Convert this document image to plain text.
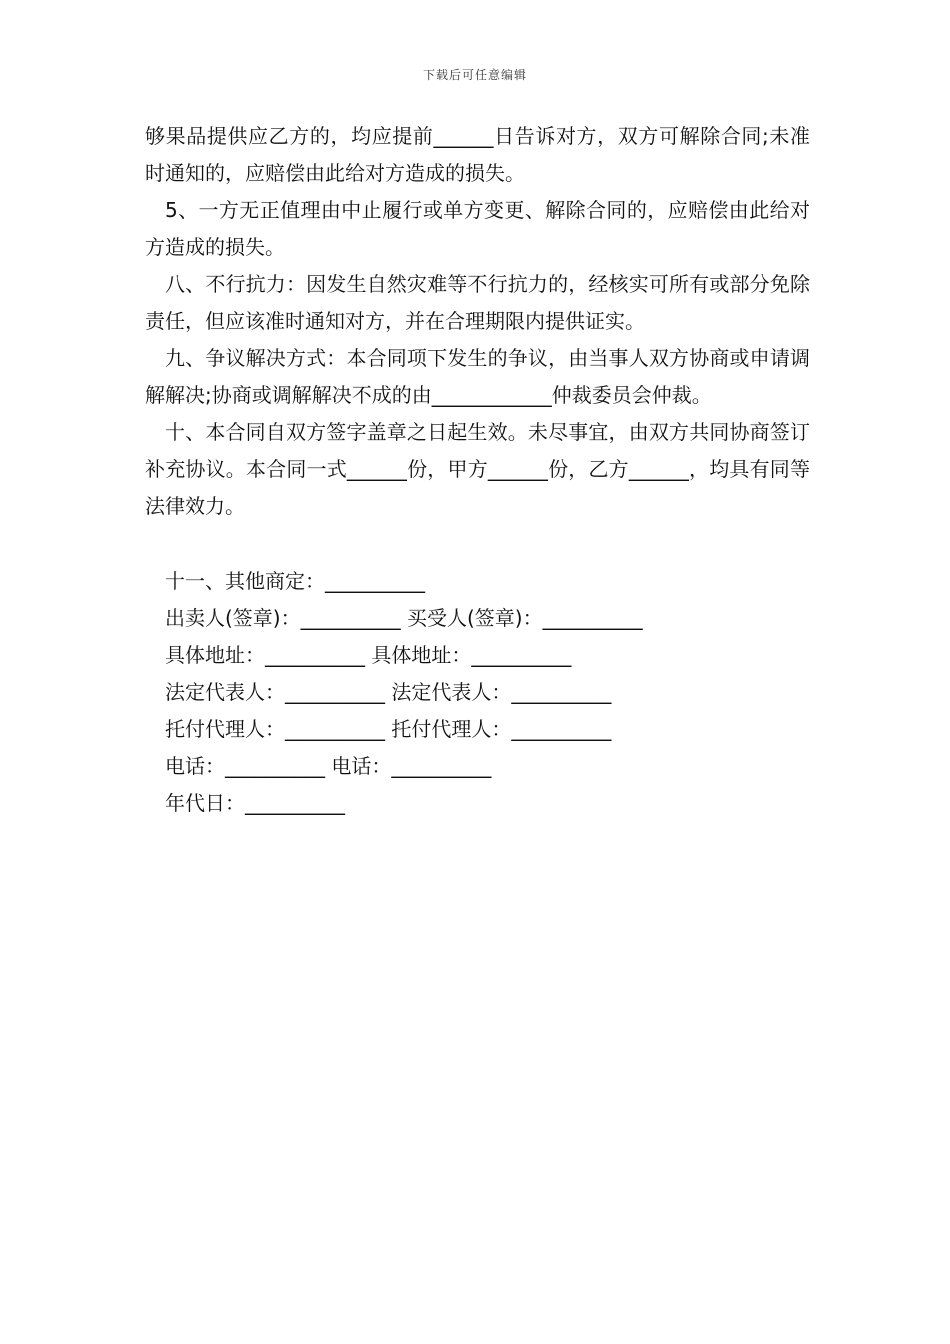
下载后可任意编辑

够果品提供应乙方的，均应提前______日告诉对方，双方可解除合同;未准时通知的，应赔偿由此给对方造成的损失。

5、一方无正值理由中止履行或单方变更、解除合同的，应赔偿由此给对方造成的损失。

八、不行抗力：因发生自然灾难等不行抗力的，经核实可所有或部分免除责任，但应该准时通知对方，并在合理期限内提供证实。

九、争议解决方式：本合同项下发生的争议，由当事人双方协商或申请调解解决;协商或调解解决不成的由____________仲裁委员会仲裁。

十、本合同自双方签字盖章之日起生效。未尽事宜，由双方共同协商签订补充协议。本合同一式______份，甲方______份，乙方______，均具有同等法律效力。

十一、其他商定：__________
出卖人(签章)：__________ 买受人(签章)：__________
具体地址：__________ 具体地址：__________
法定代表人：__________ 法定代表人：__________
托付代理人：__________ 托付代理人：__________
电话：__________ 电话：__________
年代日：__________
